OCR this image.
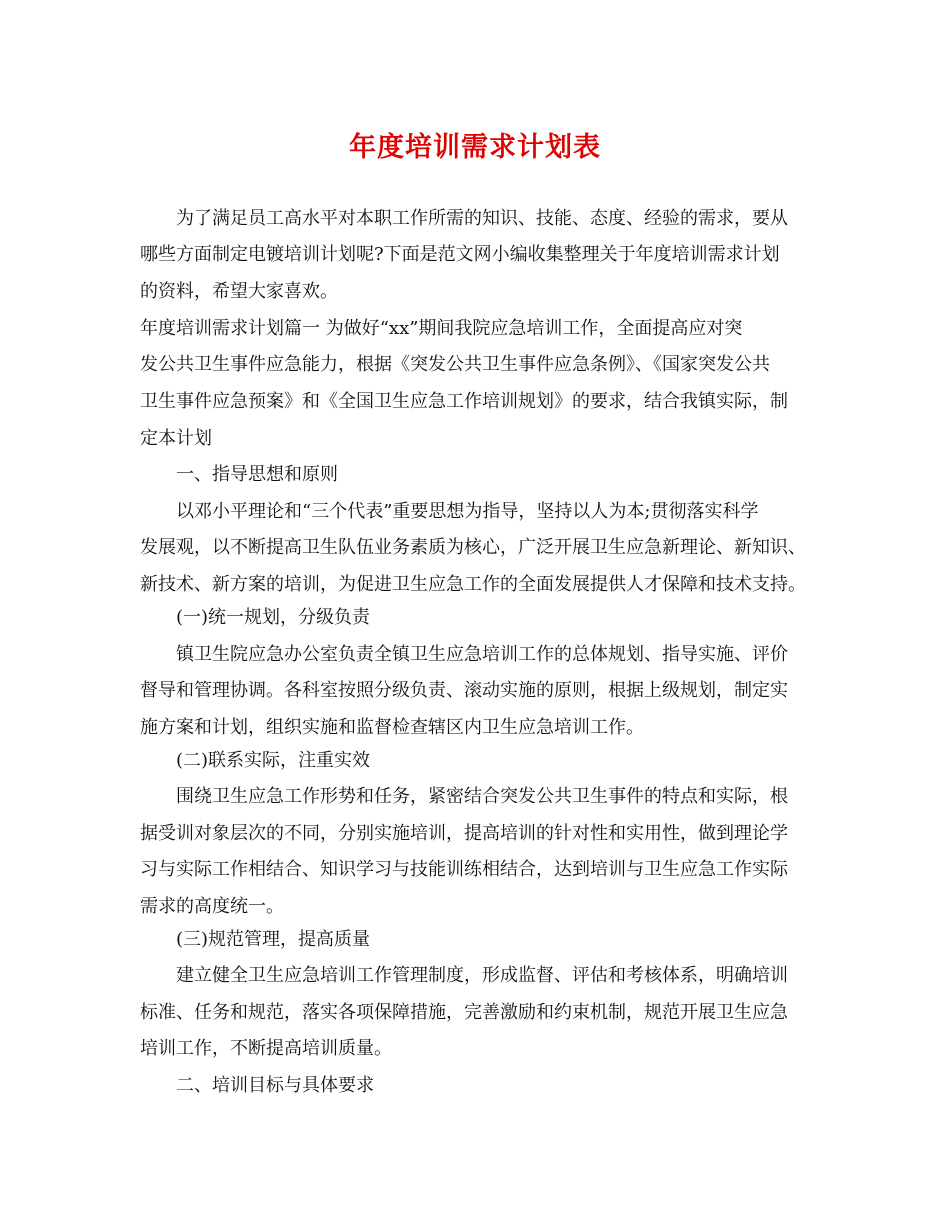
年度培训需求计划表
为了满足员工高水平对本职工作所需的知识、技能、态度、经验的需求，要从
哪些方面制定电镀培训计划呢?下面是范文网小编收集整理关于年度培训需求计划
的资料，希望大家喜欢。
年度培训需求计划篇一 为做好“xx”期间我院应急培训工作，全面提高应对突
发公共卫生事件应急能力，根据《突发公共卫生事件应急条例》、《国家突发公共
卫生事件应急预案》和《全国卫生应急工作培训规划》的要求，结合我镇实际，制
定本计划
一、指导思想和原则
以邓小平理论和“三个代表”重要思想为指导，坚持以人为本;贯彻落实科学
发展观，以不断提高卫生队伍业务素质为核心，广泛开展卫生应急新理论、新知识、
新技术、新方案的培训，为促进卫生应急工作的全面发展提供人才保障和技术支持。
(一)统一规划，分级负责
镇卫生院应急办公室负责全镇卫生应急培训工作的总体规划、指导实施、评价
督导和管理协调。各科室按照分级负责、滚动实施的原则，根据上级规划，制定实
施方案和计划，组织实施和监督检查辖区内卫生应急培训工作。
(二)联系实际，注重实效
围绕卫生应急工作形势和任务，紧密结合突发公共卫生事件的特点和实际，根
据受训对象层次的不同，分别实施培训，提高培训的针对性和实用性，做到理论学
习与实际工作相结合、知识学习与技能训练相结合，达到培训与卫生应急工作实际
需求的高度统一。
(三)规范管理，提高质量
建立健全卫生应急培训工作管理制度，形成监督、评估和考核体系，明确培训
标准、任务和规范，落实各项保障措施，完善激励和约束机制，规范开展卫生应急
培训工作，不断提高培训质量。
二、培训目标与具体要求
